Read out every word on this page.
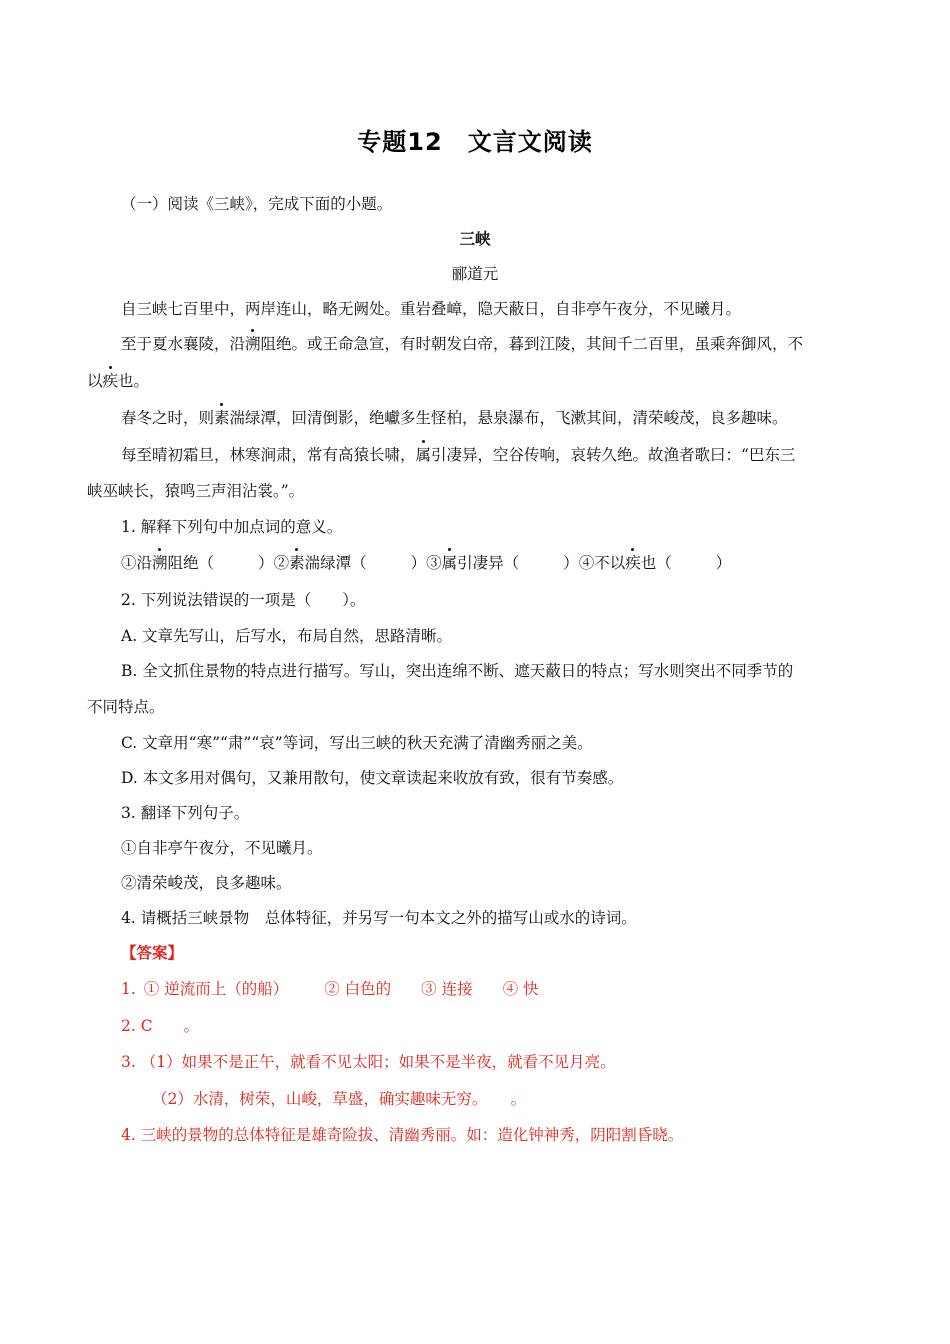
专题12　文言文阅读
（一）阅读《三峡》，完成下面的小题。
三峡
郦道元
自三峡七百里中，两岸连山，略无阙处。重岩叠嶂，隐天蔽日，自非亭午夜分，不见曦月。
至于夏水襄陵，沿溯阻绝。或王命急宣，有时朝发白帝，暮到江陵，其间千二百里，虽乘奔御风，不
以疾也。
春冬之时，则素湍绿潭，回清倒影，绝巘多生怪柏，悬泉瀑布，飞漱其间，清荣峻茂，良多趣味。
每至晴初霜旦，林寒涧肃，常有高猿长啸，属引凄异，空谷传响，哀转久绝。故渔者歌曰：“巴东三
峡巫峡长，猿鸣三声泪沾裳。”。
1. 解释下列句中加点词的意义。
①沿溯阻绝（	）②素湍绿潭（	）③属引凄异（	）④不以疾也（	）
2. 下列说法错误的一项是（　　）。
A. 文章先写山，后写水，布局自然，思路清晰。
B. 全文抓住景物的特点进行描写。写山，突出连绵不断、遮天蔽日的特点；写水则突出不同季节的
不同特点。
C. 文章用“寒”“肃”“哀”等词，写出三峡的秋天充满了清幽秀丽之美。
D. 本文多用对偶句，又兼用散句，使文章读起来收放有致，很有节奏感。
3. 翻译下列句子。
①自非亭午夜分，不见曦月。
②清荣峻茂，良多趣味。
4. 请概括三峡景物　总体特征，并另写一句本文之外的描写山或水的诗词。
【答案】
1. ① 逆流而上（的船） ② 白色的 ③ 连接 ④ 快
2. C　　。
3. （1）如果不是正午，就看不见太阳；如果不是半夜，就看不见月亮。
（2）水清，树荣，山峻，草盛，确实趣味无穷。　　。
4. 三峡的景物的总体特征是雄奇险拔、清幽秀丽。如：造化钟神秀，阴阳割昏晓。
